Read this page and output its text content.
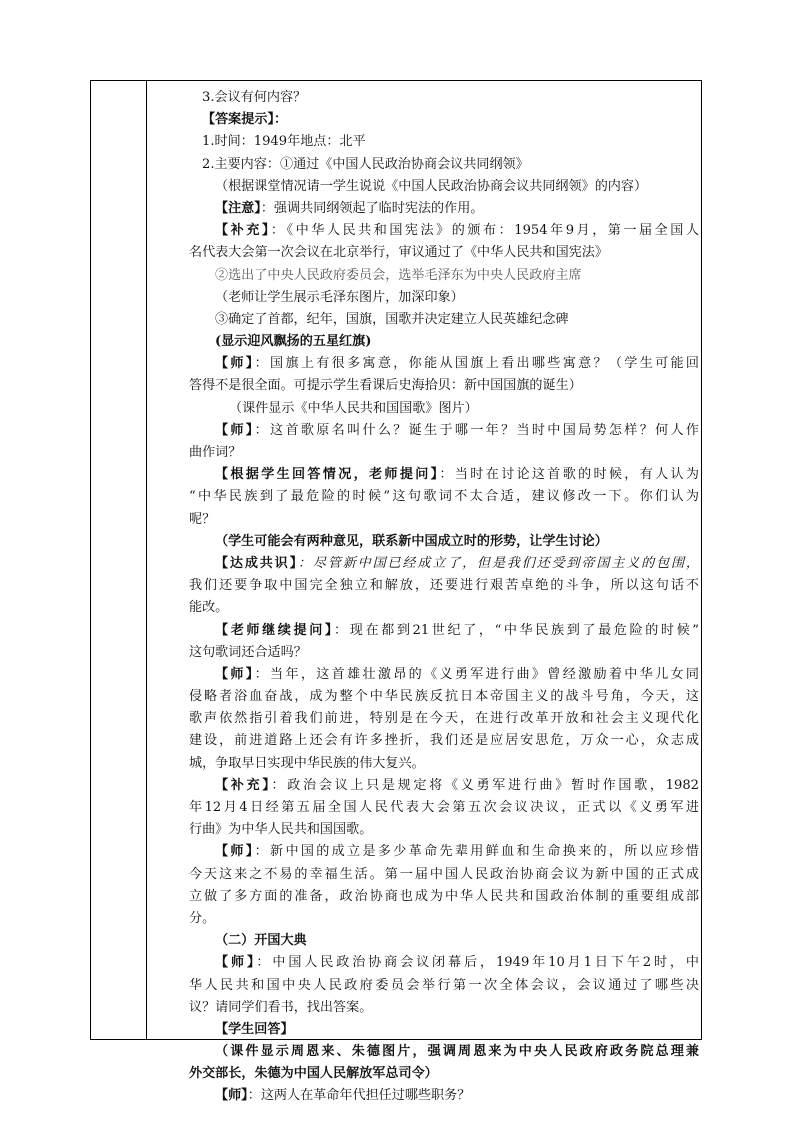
3.会议有何内容？
【答案提示】：
1.时间：1949年地点：北平
2.主要内容：①通过《中国人民政治协商会议共同纲领》
（根据课堂情况请一学生说说《中国人民政治协商会议共同纲领》的内容）
【注意】：强调共同纲领起了临时宪法的作用。
【补充】：《中华人民共和国宪法》的颁布：1954年9月，第一届全国人
名代表大会第一次会议在北京举行，审议通过了《中华人民共和国宪法》
②选出了中央人民政府委员会，选举毛泽东为中央人民政府主席
（老师让学生展示毛泽东图片，加深印象）
③确定了首都，纪年，国旗，国歌并决定建立人民英雄纪念碑
(显示迎风飘扬的五星红旗)
【师】：国旗上有很多寓意，你能从国旗上看出哪些寓意？（学生可能回
答得不是很全面。可提示学生看课后史海拾贝：新中国国旗的诞生）
（课件显示《中华人民共和国国歌》图片）
【师】：这首歌原名叫什么？诞生于哪一年？当时中国局势怎样？何人作
曲作词？
【根据学生回答情况，老师提问】：当时在讨论这首歌的时候，有人认为
“中华民族到了最危险的时候”这句歌词不太合适，建议修改一下。你们认为
呢？
（学生可能会有两种意见，联系新中国成立时的形势，让学生讨论）
【达成共识】：尽管新中国已经成立了，但是我们还受到帝国主义的包围，
我们还要争取中国完全独立和解放，还要进行艰苦卓绝的斗争，所以这句话不
能改。
【老师继续提问】：现在都到21世纪了，“中华民族到了最危险的时候”
这句歌词还合适吗？
【师】：当年，这首雄壮激昂的《义勇军进行曲》曾经激励着中华儿女同
侵略者浴血奋战，成为整个中华民族反抗日本帝国主义的战斗号角，今天，这
歌声依然指引着我们前进，特别是在今天，在进行改革开放和社会主义现代化
建设，前进道路上还会有许多挫折，我们还是应居安思危，万众一心，众志成
城，争取早日实现中华民族的伟大复兴。
【补充】：政治会议上只是规定将《义勇军进行曲》暂时作国歌，1982
年12月4日经第五届全国人民代表大会第五次会议决议，正式以《义勇军进
行曲》为中华人民共和国国歌。
【师】：新中国的成立是多少革命先辈用鲜血和生命换来的，所以应珍惜
今天这来之不易的幸福生活。第一届中国人民政治协商会议为新中国的正式成
立做了多方面的准备，政治协商也成为中华人民共和国政治体制的重要组成部
分。
（二）开国大典
【师】：中国人民政治协商会议闭幕后，1949年10月1日下午2时，中
华人民共和国中央人民政府委员会举行第一次全体会议，会议通过了哪些决
议？请同学们看书，找出答案。
【学生回答】
（课件显示周恩来、朱德图片，强调周恩来为中央人民政府政务院总理兼
外交部长，朱德为中国人民解放军总司令）
【师】：这两人在革命年代担任过哪些职务？
